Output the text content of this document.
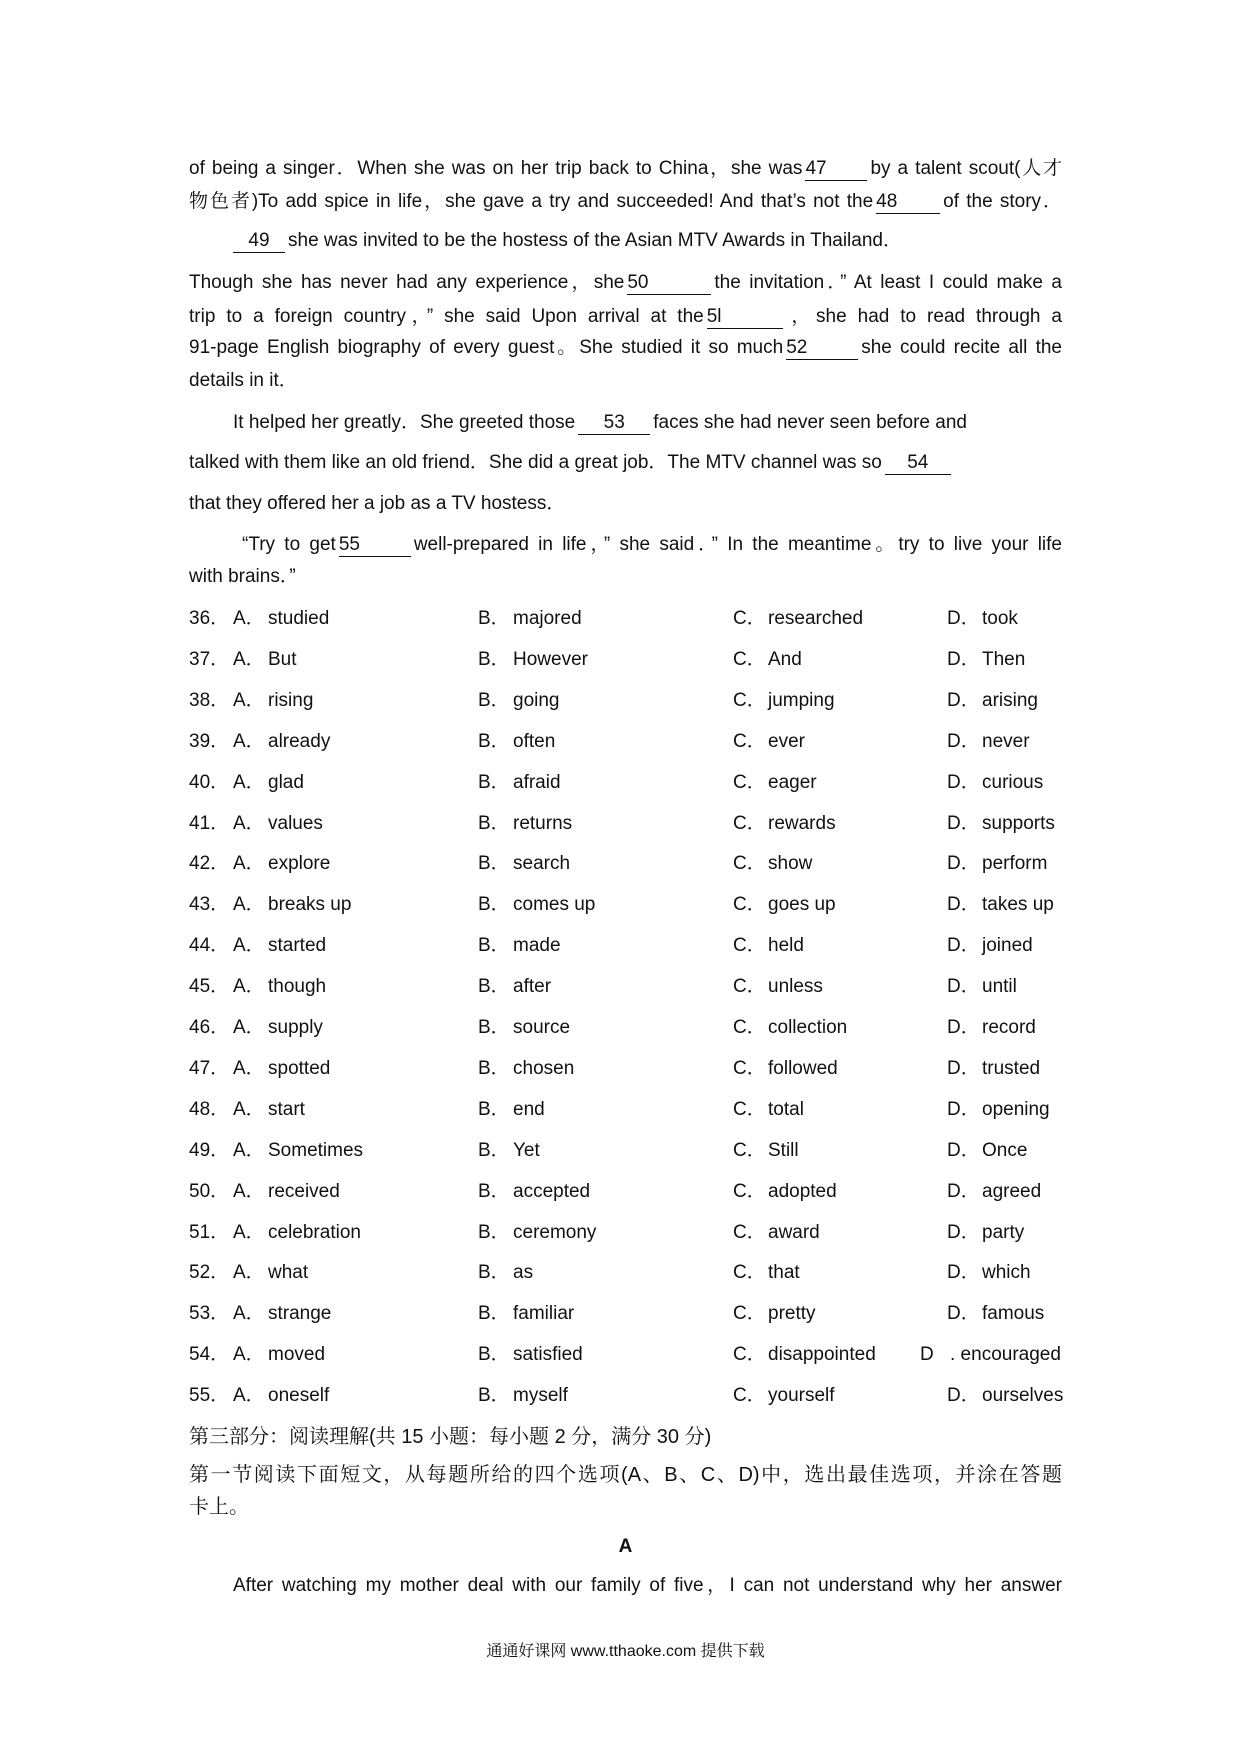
of being a singer．When she was on her trip back to China，she was 47 by a talent scout(人才
物色者)To add spice in life，she gave a try and succeeded! And that’s not the 48 of the story．
49 she was invited to be the hostess of the Asian MTV Awards in Thailand．
Though she has never had any experience，she 50	the invitation．” At least I could make a
trip to a foreign country，” she said Upon arrival at the 5l	，she had to read through a
91-page English biography of every guest。She studied it so much 52	she could recite all the
details in it．
It helped her greatly．She greeted those 53 faces she had never seen before and
talked with them like an old friend．She did a great job．The MTV channel was so 54
that they offered her a job as a TV hostess．
“Try to get 55	well-prepared in life，” she said．” In the meantime。try to live your life
with brains．”
36． A． studied	B． majored	C． researched	D． took
37． A． But	B． However	C． And	D． Then
38． A． rising	B． going	C． jumping	D． arising
39． A． already	B． often	C． ever	D． never
40． A． glad	B． afraid	C． eager	D． curious
41． A． values	B． returns	C． rewards	D． supports
42． A． explore	B． search	C． show	D． perform
43． A． breaks up	B． comes up	C． goes up	D． takes up
44． A． started	B． made	C． held	D． joined
45． A． though	B． after	C． unless	D． until
46． A． supply	B． source	C． collection	D． record
47． A． spotted	B． chosen	C． followed	D． trusted
48． A． start	B． end	C． total	D． opening
49． A． Sometimes	B． Yet	C． Still	D． Once
50． A． received	B． accepted	C． adopted	D． agreed
51． A． celebration	B． ceremony	C． award	D． party
52． A． what	B． as	C． that	D． which
53． A． strange	B． familiar	C． pretty	D． famous
54． A． moved	B． satisfied	C． disappointed D . encouraged
55． A． oneself	B． myself	C． yourself	D． ourselves
第三部分：阅读理解(共 15 小题：每小题 2 分，满分 30 分)
第一节阅读下面短文，从每题所给的四个选项(A、B、C、D)中，选出最佳选项，并涂在答题
卡上。
A
After watching my mother deal with our family of five，I can not understand why her answer
通通好课网 www.tthaoke.com 提供下载
